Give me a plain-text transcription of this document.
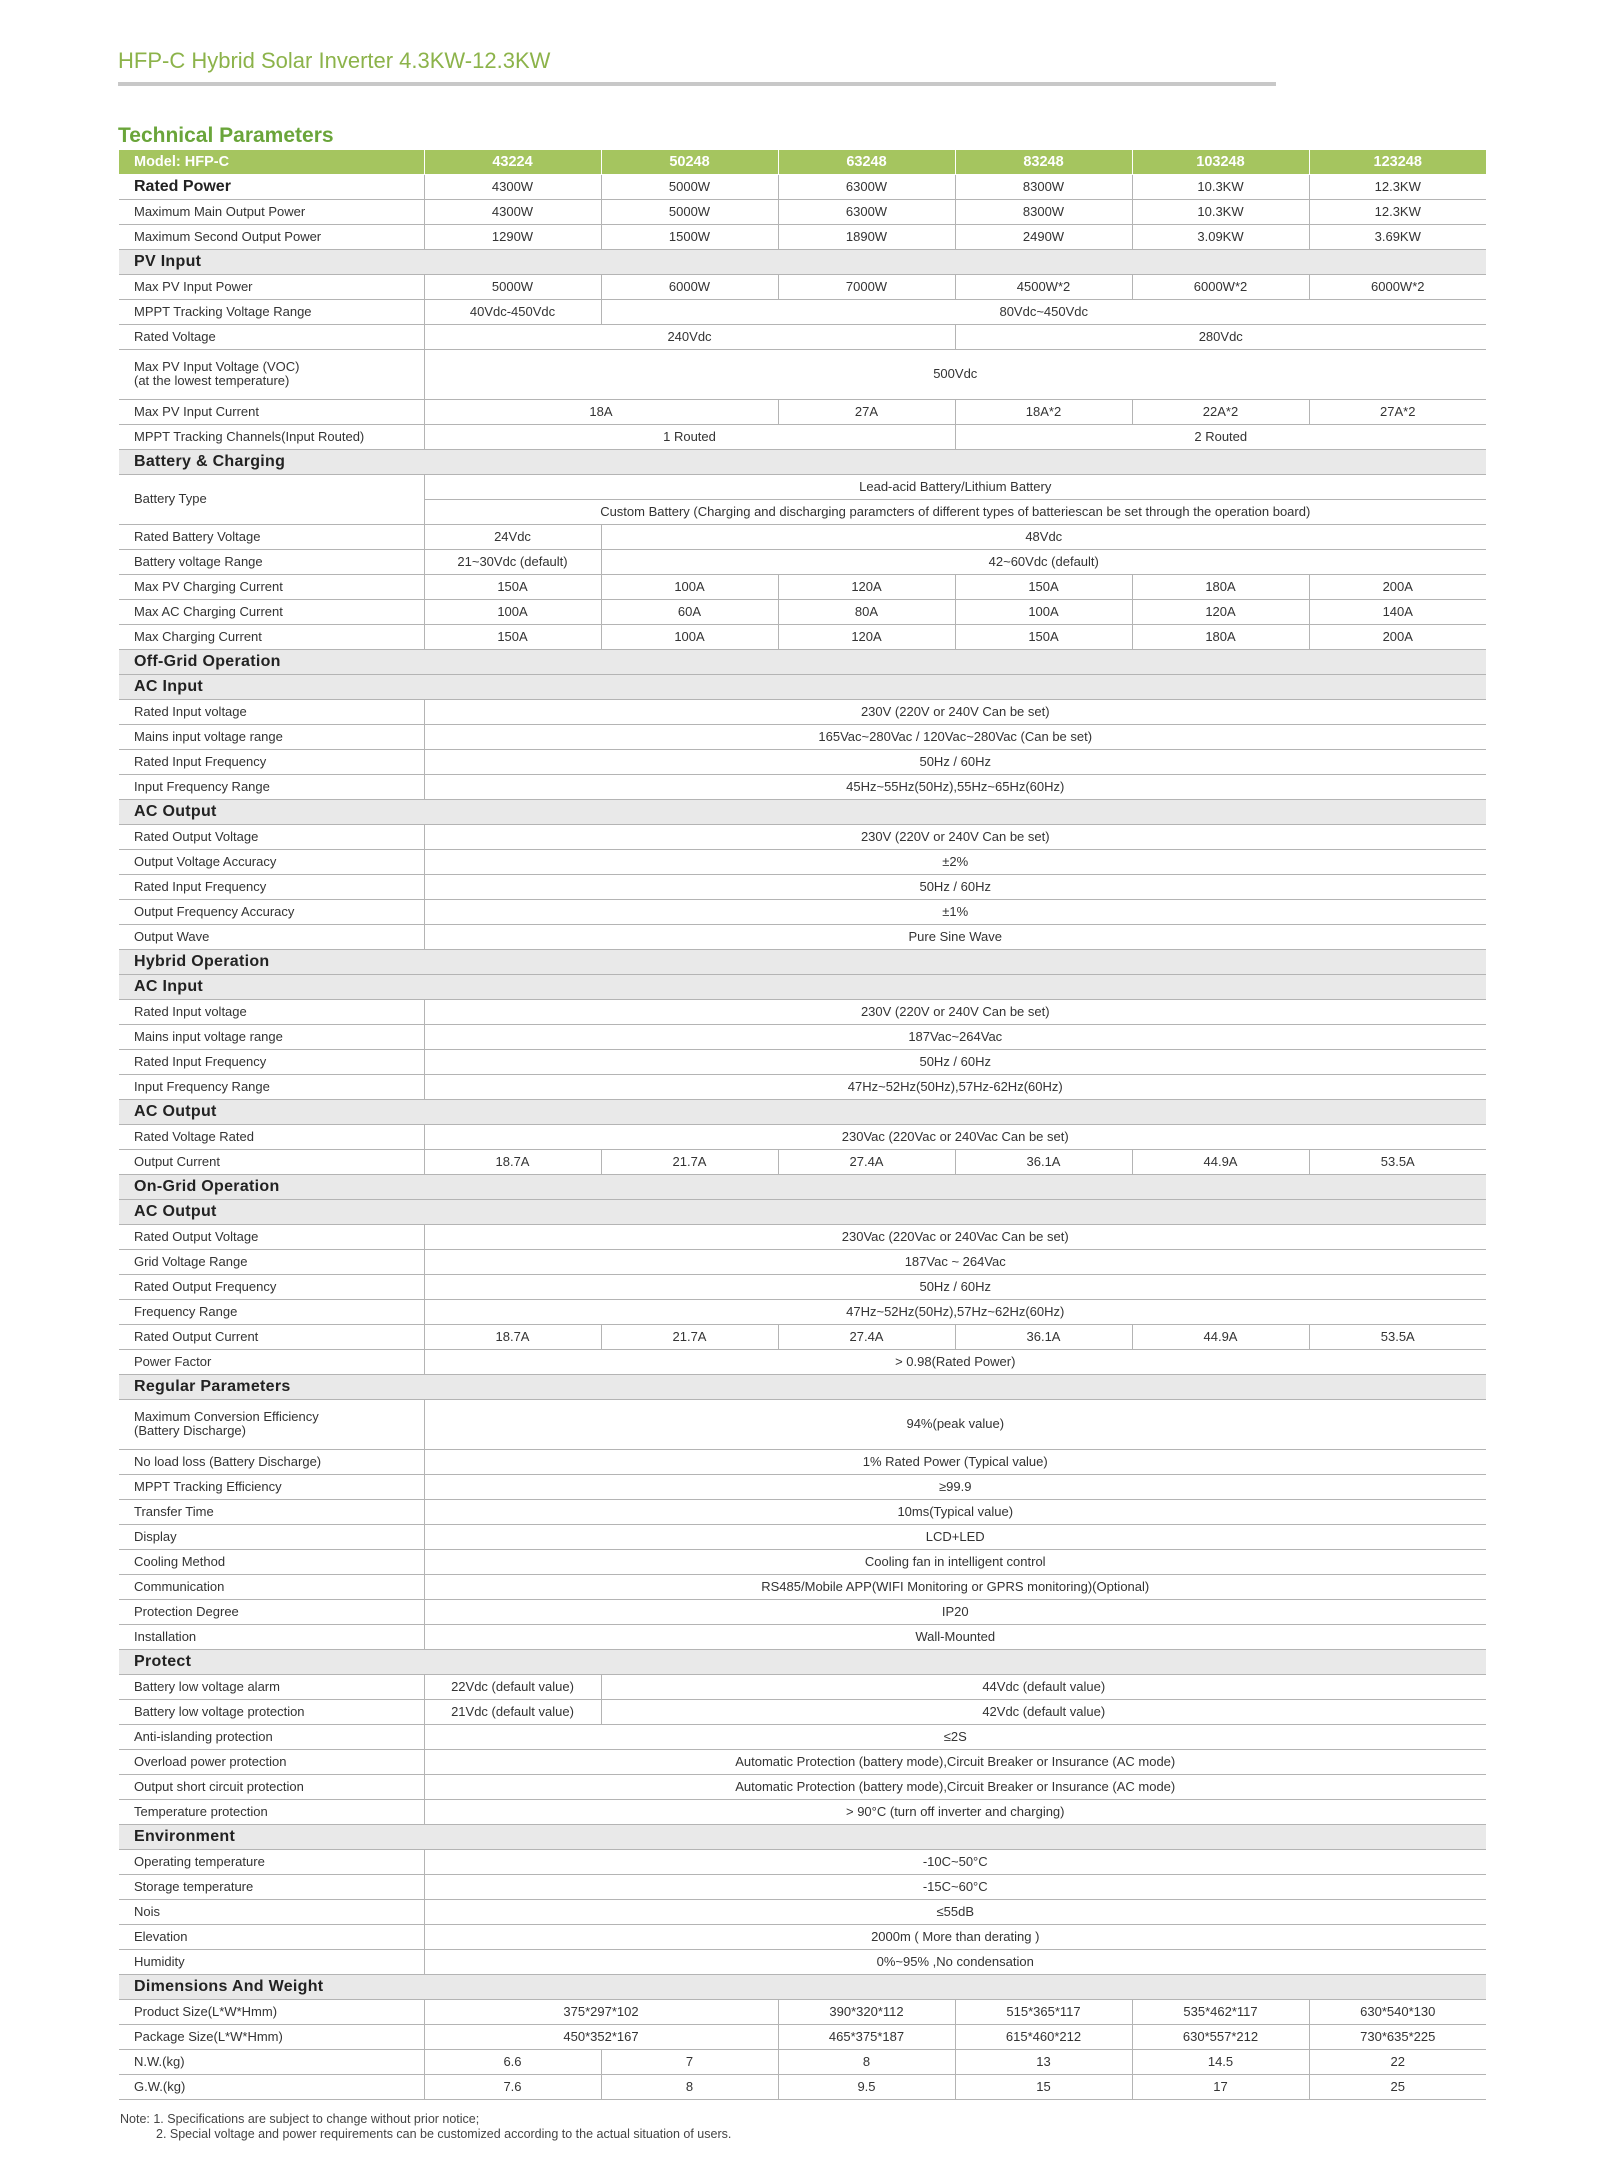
HFP-C Hybrid Solar Inverter 4.3KW-12.3KW
Technical Parameters
Model: HFP-C	43224	50248	63248	83248	103248	123248
Rated Power	4300W	5000W	6300W	8300W	10.3KW	12.3KW
Maximum Main Output Power	4300W	5000W	6300W	8300W	10.3KW	12.3KW
Maximum Second Output Power	1290W	1500W	1890W	2490W	3.09KW	3.69KW
PV Input						
Max PV Input Power	5000W	6000W	7000W	4500W*2	6000W*2	6000W*2
MPPT Tracking Voltage Range	40Vdc-450Vdc	80Vdc~450Vdc				
Rated Voltage	240Vdc			280Vdc		

Max PV Input Voltage (VOC)
(at the lowest temperature)	500Vdc					
Max PV Input Current	18A		27A	18A*2	22A*2	27A*2
MPPT Tracking Channels(Input Routed)	1 Routed			2 Routed		
Battery & Charging						
Battery Type	Lead-acid Battery/Lithium Battery					
	Custom Battery (Charging and discharging paramcters of different types of batteriescan be set through the operation board)					
Rated Battery Voltage	24Vdc	48Vdc				
Battery voltage Range	21~30Vdc (default)	42~60Vdc (default)				
Max PV Charging Current	150A	100A	120A	150A	180A	200A
Max AC Charging Current	100A	60A	80A	100A	120A	140A
Max Charging Current	150A	100A	120A	150A	180A	200A
Off-Grid Operation						
AC Input						
Rated Input voltage	230V (220V or 240V Can be set)					
Mains input voltage range	165Vac~280Vac / 120Vac~280Vac (Can be set)					
Rated Input Frequency	50Hz / 60Hz					
Input Frequency Range	45Hz~55Hz(50Hz),55Hz~65Hz(60Hz)					
AC Output						
Rated Output Voltage	230V (220V or 240V Can be set)					
Output Voltage Accuracy	±2%					
Rated Input Frequency	50Hz / 60Hz					
Output Frequency Accuracy	±1%					
Output Wave	Pure Sine Wave					
Hybrid Operation						
AC Input						
Rated Input voltage	230V (220V or 240V Can be set)					
Mains input voltage range	187Vac~264Vac					
Rated Input Frequency	50Hz / 60Hz					
Input Frequency Range	47Hz~52Hz(50Hz),57Hz-62Hz(60Hz)					
AC Output						
Rated Voltage Rated	230Vac (220Vac or 240Vac Can be set)					
Output Current	18.7A	21.7A	27.4A	36.1A	44.9A	53.5A
On-Grid Operation						
AC Output						
Rated Output Voltage	230Vac (220Vac or 240Vac Can be set)					
Grid Voltage Range	187Vac ~ 264Vac					
Rated Output Frequency	50Hz / 60Hz					
Frequency Range	47Hz~52Hz(50Hz),57Hz~62Hz(60Hz)					
Rated Output Current	18.7A	21.7A	27.4A	36.1A	44.9A	53.5A
Power Factor	> 0.98(Rated Power)					
Regular Parameters						

Maximum Conversion Efficiency
(Battery Discharge)	94%(peak value)					
No load loss (Battery Discharge)	1% Rated Power (Typical value)					
MPPT Tracking Efficiency	≥99.9					
Transfer Time	10ms(Typical value)					
Display	LCD+LED					
Cooling Method	Cooling fan in intelligent control					
Communication	RS485/Mobile APP(WIFI Monitoring or GPRS monitoring)(Optional)					
Protection Degree	IP20					
Installation	Wall-Mounted					
Protect						
Battery low voltage alarm	22Vdc (default value)	44Vdc (default value)				
Battery low voltage protection	21Vdc (default value)	42Vdc (default value)				
Anti-islanding protection	≤2S					
Overload power protection	Automatic Protection (battery mode),Circuit Breaker or Insurance (AC mode)					
Output short circuit protection	Automatic Protection (battery mode),Circuit Breaker or Insurance (AC mode)					
Temperature protection	> 90°C (turn off inverter and charging)					
Environment						
Operating temperature	-10C~50°C					
Storage temperature	-15C~60°C					
Nois	≤55dB					
Elevation	2000m ( More than derating )					
Humidity	0%~95% ,No condensation					
Dimensions And Weight						
Product Size(L*W*Hmm)	375*297*102		390*320*112	515*365*117	535*462*117	630*540*130
Package Size(L*W*Hmm)	450*352*167		465*375*187	615*460*212	630*557*212	730*635*225
N.W.(kg)	6.6	7	8	13	14.5	22
G.W.(kg)	7.6	8	9.5	15	17	25
Note: 1. Specifications are subject to change without prior notice;
2. Special voltage and power requirements can be customized according to the actual situation of users.
